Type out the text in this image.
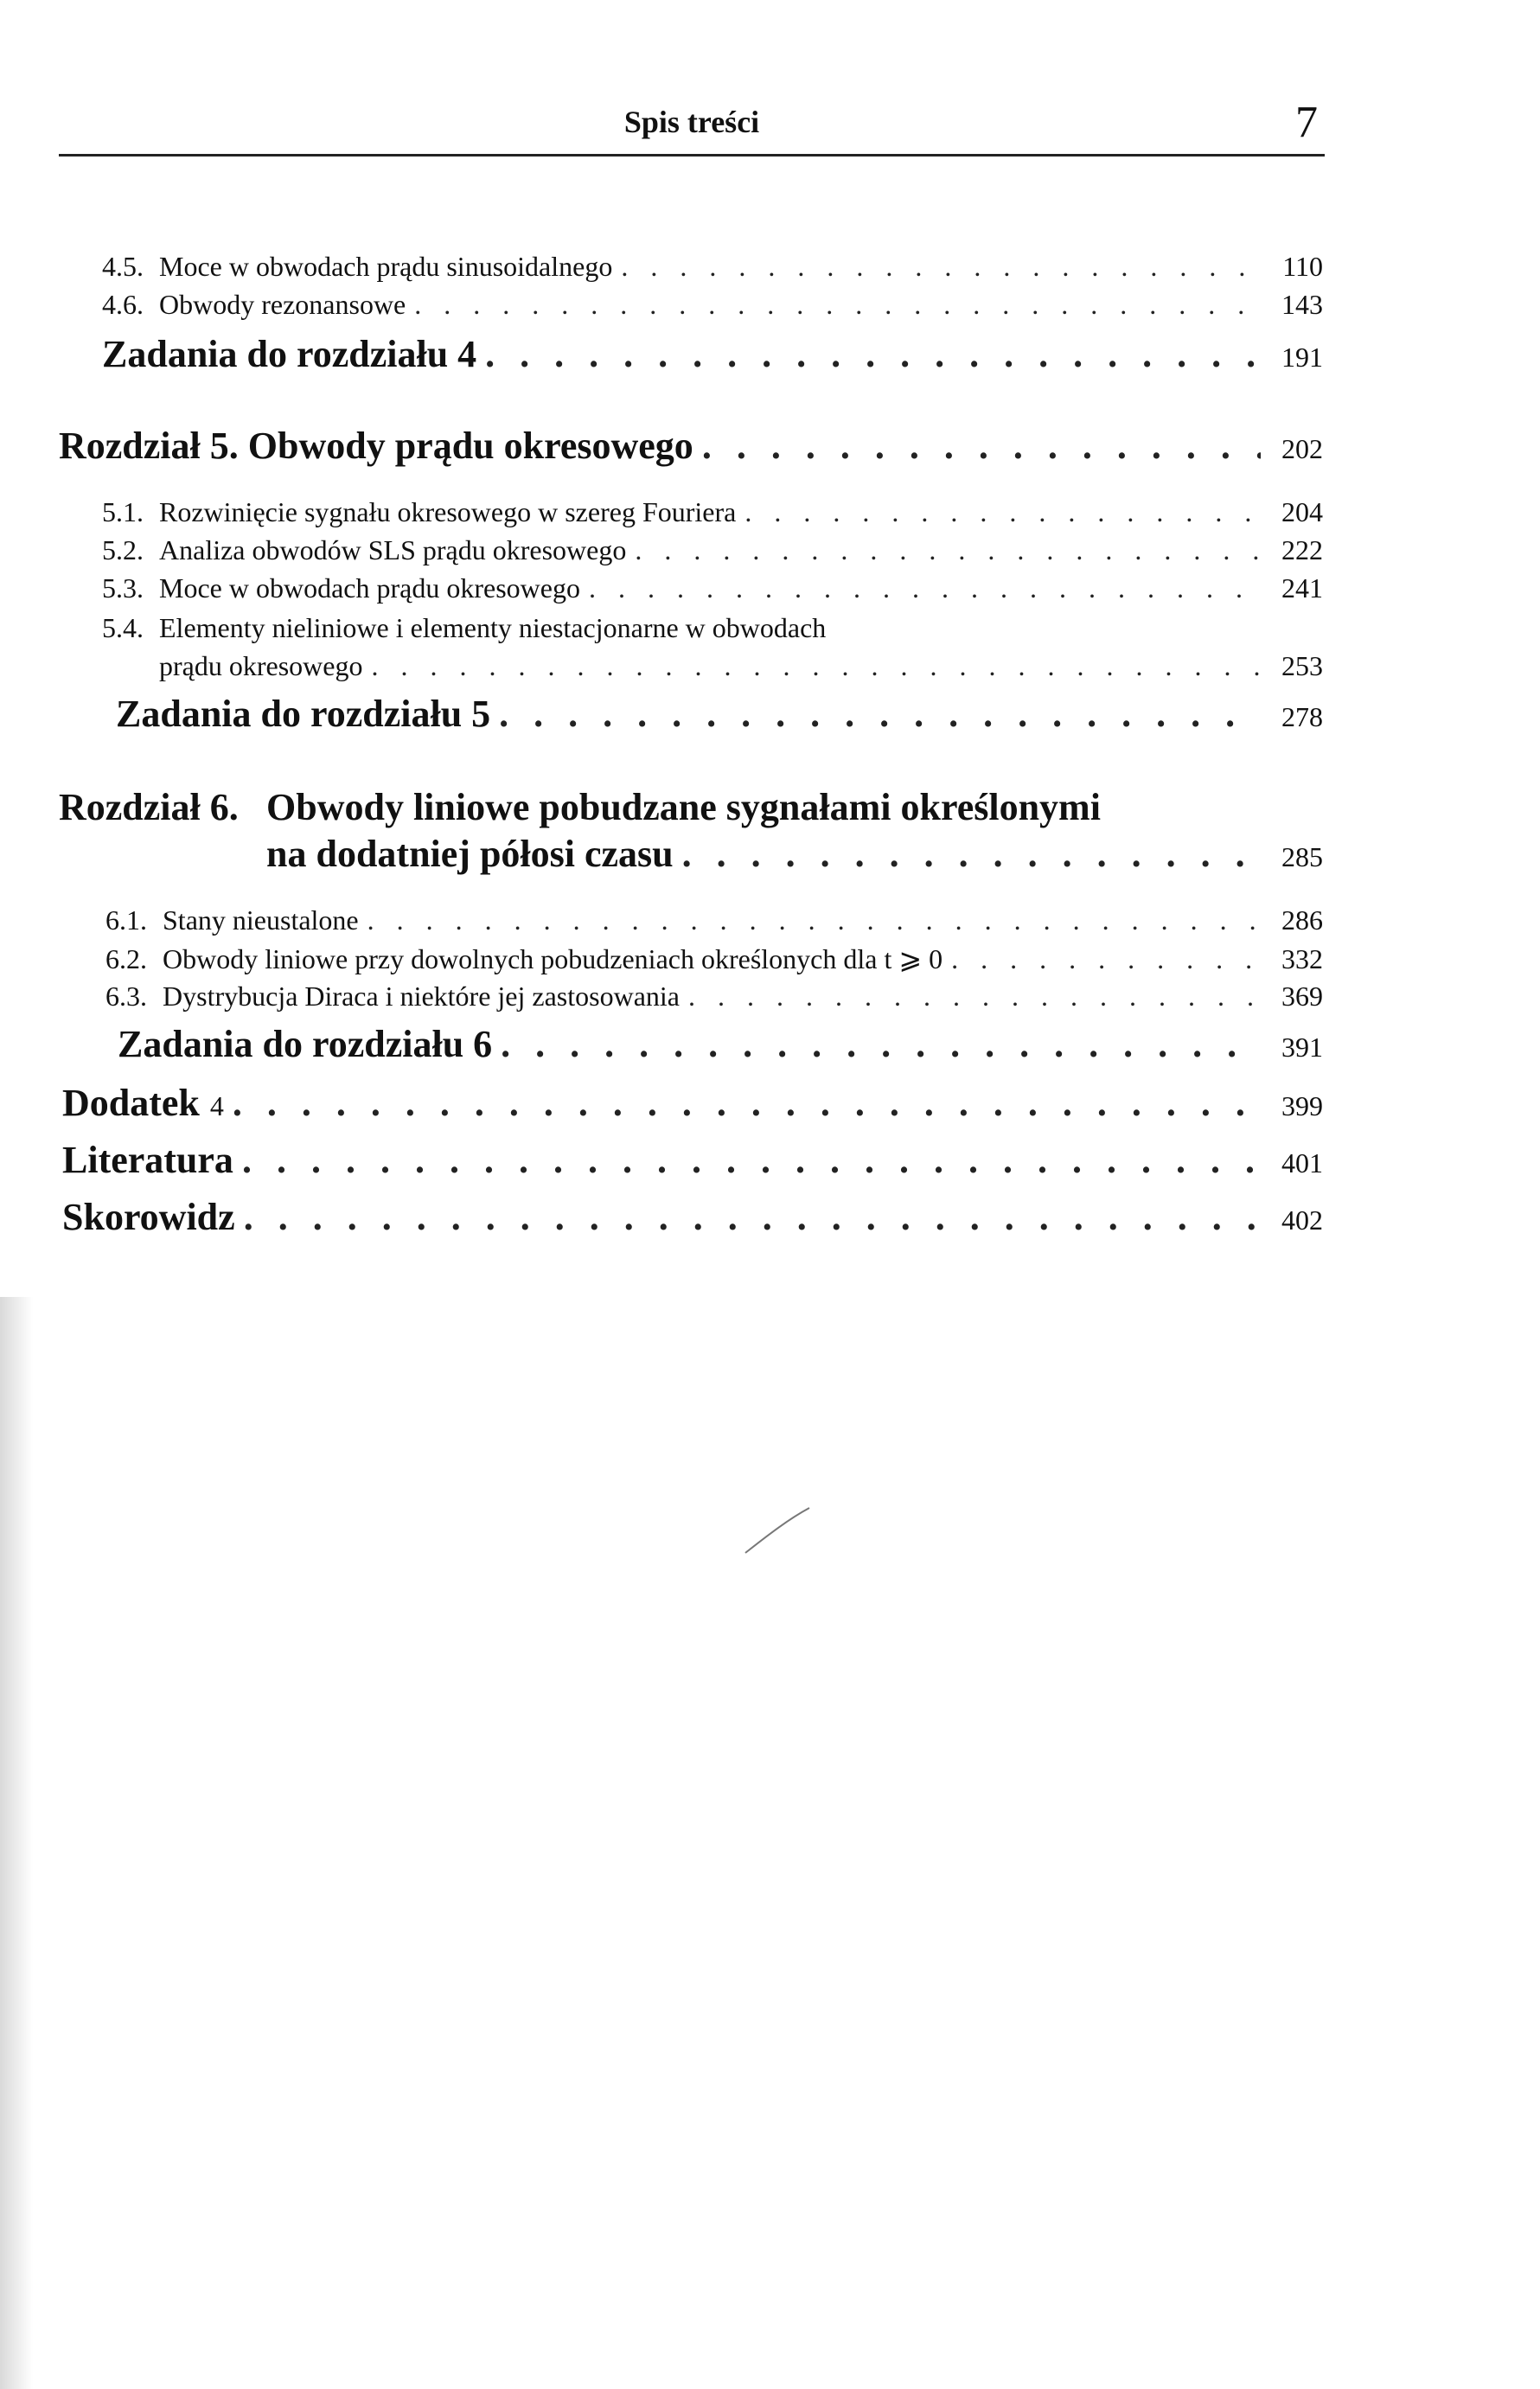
Spis treści	7
4.5. Moce w obwodach prądu sinusoidalnego . . .	110
4.6. Obwody rezonansowe . . .	143
Zadania do rozdziału 4 . . .	191
Rozdział 5. Obwody prądu okresowego . . .	202
5.1. Rozwinięcie sygnału okresowego w szereg Fouriera . . .	204
5.2. Analiza obwodów SLS prądu okresowego . . .	222
5.3. Moce w obwodach prądu okresowego . . .	241
5.4. Elementy nieliniowe i elementy niestacjonarne w obwodach
prądu okresowego . . .	253
Zadania do rozdziału 5 . . .	278
Rozdział 6. Obwody liniowe pobudzane sygnałami określonymi
na dodatniej półosi czasu . . .	285
6.1. Stany nieustalone . . .	286
6.2. Obwody liniowe przy dowolnych pobudzeniach określonych dla t ⩾ 0 . . .	332
6.3. Dystrybucja Diraca i niektóre jej zastosowania . . .	369
Zadania do rozdziału 6 . . .	391
Dodatek 4 . . .	399
Literatura . . .	401
Skorowidz . . .	402
